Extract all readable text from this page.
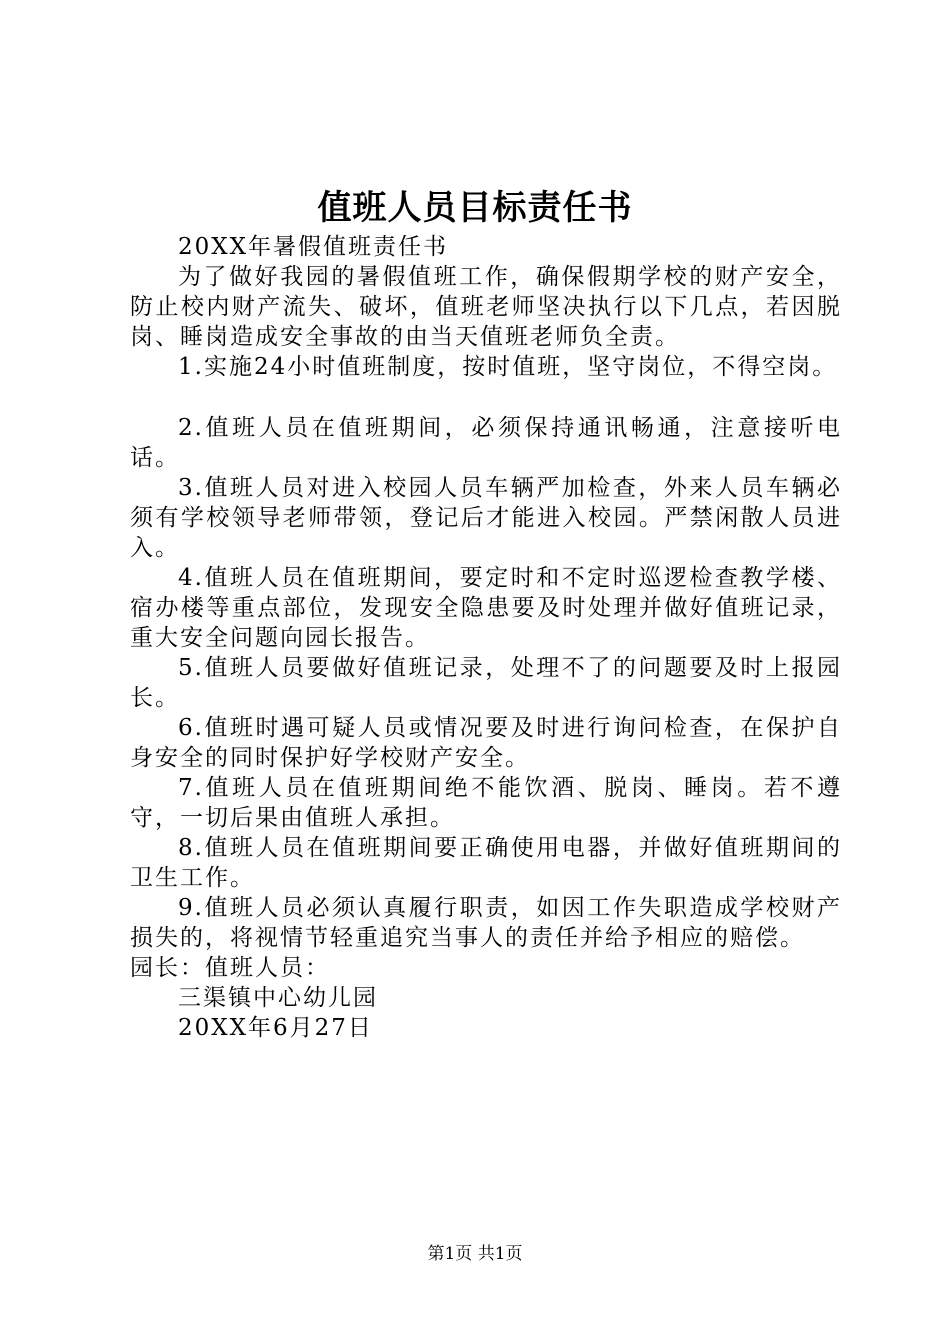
值班人员目标责任书

20XX年暑假值班责任书

为了做好我园的暑假值班工作，确保假期学校的财产安全，防止校内财产流失、破坏，值班老师坚决执行以下几点，若因脱岗、睡岗造成安全事故的由当天值班老师负全责。

1.实施24小时值班制度，按时值班，坚守岗位，不得空岗。

2.值班人员在值班期间，必须保持通讯畅通，注意接听电话。

3.值班人员对进入校园人员车辆严加检查，外来人员车辆必须有学校领导老师带领，登记后才能进入校园。严禁闲散人员进入。

4.值班人员在值班期间，要定时和不定时巡逻检查教学楼、宿办楼等重点部位，发现安全隐患要及时处理并做好值班记录，重大安全问题向园长报告。

5.值班人员要做好值班记录，处理不了的问题要及时上报园长。

6.值班时遇可疑人员或情况要及时进行询问检查，在保护自身安全的同时保护好学校财产安全。

7.值班人员在值班期间绝不能饮酒、脱岗、睡岗。若不遵守，一切后果由值班人承担。

8.值班人员在值班期间要正确使用电器，并做好值班期间的卫生工作。

9.值班人员必须认真履行职责，如因工作失职造成学校财产损失的，将视情节轻重追究当事人的责任并给予相应的赔偿。

园长：值班人员：

三渠镇中心幼儿园

20XX年6月27日

第1页 共1页
